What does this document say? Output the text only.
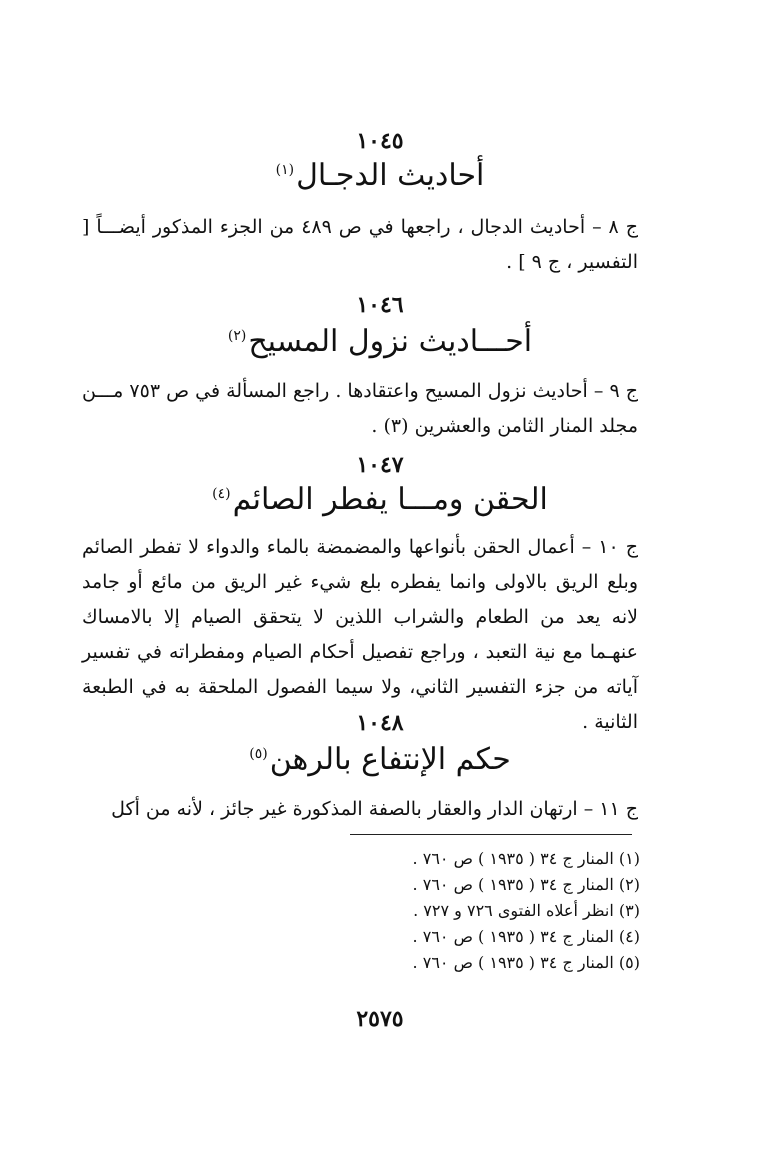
١٠٤٥
أحاديث الدجـال$^{(١)}$
ج ٨ – أحاديث الدجال ، راجعها في ص ٤٨٩ من الجزء المذكور أيضـــاً [ التفسير ، ج ٩ ] .
١٠٤٦
أحـــاديث نزول المسيح$^{(٢)}$
ج ٩ – أحاديث نزول المسيح واعتقادها . راجع المسألة في ص ٧٥٣ مـــن مجلد المنار الثامن والعشرين (٣) .
١٠٤٧
الحقن ومـــا يفطر الصائم$^{(٤)}$
ج ١٠ – أعمال الحقن بأنواعها والمضمضة بالماء والدواء لا تفطر الصائم وبلع الريق بالاولى وانما يفطره بلع شيء غير الريق من مائع أو جامد لانه يعد من الطعام والشراب اللذين لا يتحقق الصيام إلا بالامساك عنهـما مع نية التعبد ، وراجع تفصيل أحكام الصيام ومفطراته في تفسير آياته من جزء التفسير الثاني، ولا سيما الفصول الملحقة به في الطبعة الثانية .
١٠٤٨
حكم الإنتفاع بالرهن$^{(٥)}$
ج ١١ – ارتهان الدار والعقار بالصفة المذكورة غير جائز ، لأنه من أكل
(١) المنار ج ٣٤ ( ١٩٣٥ ) ص ٧٦٠ .
(٢) المنار ج ٣٤ ( ١٩٣٥ ) ص ٧٦٠ .
(٣) انظر أعلاه الفتوى ٧٢٦ و ٧٢٧ .
(٤) المنار ج ٣٤ ( ١٩٣٥ ) ص ٧٦٠ .
(٥) المنار ج ٣٤ ( ١٩٣٥ ) ص ٧٦٠ .
٢٥٧٥
